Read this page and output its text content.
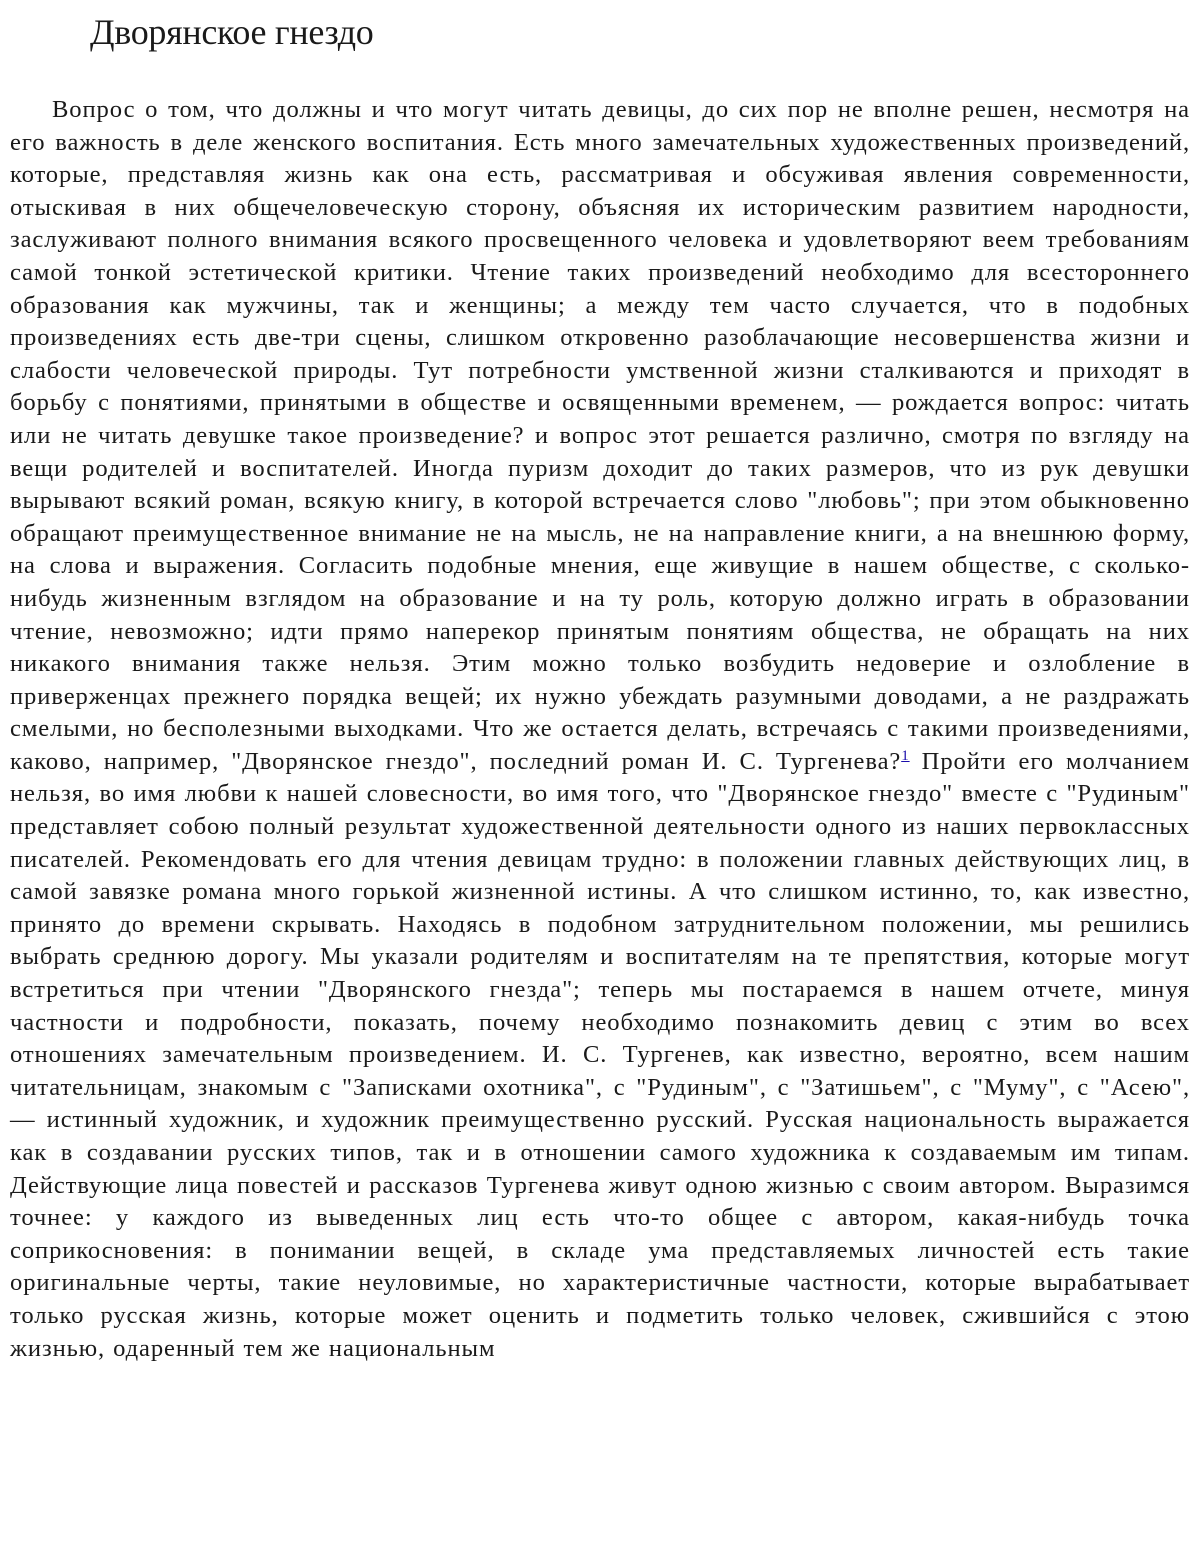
Дворянское гнездо

Вопрос о том, что должны и что могут читать девицы, до сих пор не вполне решен, несмотря на его важность в деле женского воспитания. Есть много замечательных художественных произведений, которые, представляя жизнь как она есть, рассматривая и обсуживая явления современности, отыскивая в них общечеловеческую сторону, объясняя их историческим развитием народности, заслуживают полного внимания всякого просвещенного человека и удовлетворяют веем требованиям самой тонкой эстетической критики. Чтение таких произведений необходимо для всестороннего образования как мужчины, так и женщины; а между тем часто случается, что в подобных произведениях есть две-три сцены, слишком откровенно разоблачающие несовершенства жизни и слабости человеческой природы. Тут потребности умственной жизни сталкиваются и приходят в борьбу с понятиями, принятыми в обществе и освященными временем, — рождается вопрос: читать или не читать девушке такое произведение? и вопрос этот решается различно, смотря по взгляду на вещи родителей и воспитателей. Иногда пуризм доходит до таких размеров, что из рук девушки вырывают всякий роман, всякую книгу, в которой встречается слово "любовь"; при этом обыкновенно обращают преимущественное внимание не на мысль, не на направление книги, а на внешнюю форму, на слова и выражения. Согласить подобные мнения, еще живущие в нашем обществе, с сколько-нибудь жизненным взглядом на образование и на ту роль, которую должно играть в образовании чтение, невозможно; идти прямо наперекор принятым понятиям общества, не обращать на них никакого внимания также нельзя. Этим можно только возбудить недоверие и озлобление в приверженцах прежнего порядка вещей; их нужно убеждать разумными доводами, а не раздражать смелыми, но бесполезными выходками. Что же остается делать, встречаясь с такими произведениями, каково, например, "Дворянское гнездо", последний роман И. С. Тургенева?$^1$ Пройти его молчанием нельзя, во имя любви к нашей словесности, во имя того, что "Дворянское гнездо" вместе с "Рудиным" представляет собою полный результат художественной деятельности одного из наших первоклассных писателей. Рекомендовать его для чтения девицам трудно: в положении главных действующих лиц, в самой завязке романа много горькой жизненной истины. А что слишком истинно, то, как известно, принято до времени скрывать. Находясь в подобном затруднительном положении, мы решились выбрать среднюю дорогу. Мы указали родителям и воспитателям на те препятствия, которые могут встретиться при чтении "Дворянского гнезда"; теперь мы постараемся в нашем отчете, минуя частности и подробности, показать, почему необходимо познакомить девиц с этим во всех отношениях замечательным произведением. И. С. Тургенев, как известно, вероятно, всем нашим читательницам, знакомым с "Записками охотника", с "Рудиным", с "Затишьем", с "Муму", с "Асею", — истинный художник, и художник преимущественно русский. Русская национальность выражается как в создавании русских типов, так и в отношении самого художника к создаваемым им типам. Действующие лица повестей и рассказов Тургенева живут одною жизнью с своим автором. Выразимся точнее: у каждого из выведенных лиц есть что-то общее с автором, какая-нибудь точка соприкосновения: в понимании вещей, в складе ума представляемых личностей есть такие оригинальные черты, такие неуловимые, но характеристичные частности, которые вырабатывает только русская жизнь, которые может оценить и подметить только человек, сжившийся с этою жизнью, одаренный тем же национальным
